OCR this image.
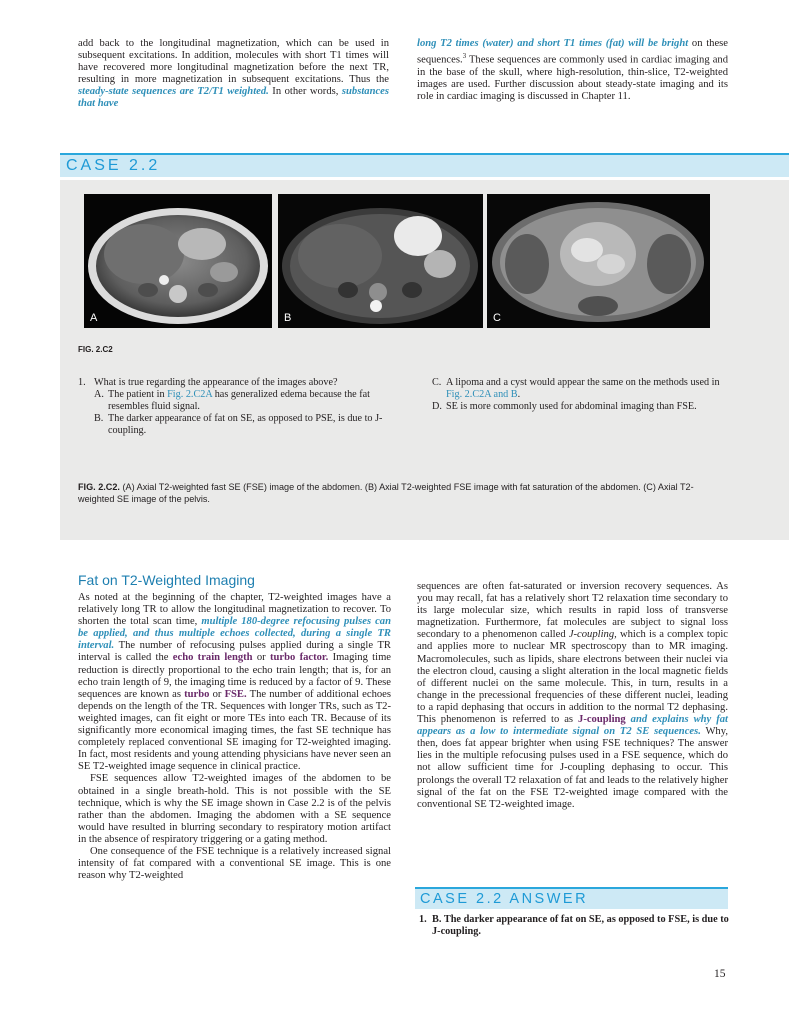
add back to the longitudinal magnetization, which can be used in subsequent excitations. In addition, molecules with short T1 times will have recovered more longitudinal magnetization before the next TR, resulting in more magnetization in subsequent excitations. Thus the steady-state sequences are T2/T1 weighted. In other words, substances that have

long T2 times (water) and short T1 times (fat) will be bright on these sequences.$^3$ These sequences are commonly used in cardiac imaging and in the base of the skull, where high-resolution, thin-slice, T2-weighted images are used. Further discussion about steady-state imaging and its role in cardiac imaging is discussed in Chapter 11.

CASE 2.2
A	B	C
FIG. 2.C2
1. What is true regarding the appearance of the images above?
A. The patient in Fig. 2.C2A has generalized edema because the fat resembles fluid signal.
B. The darker appearance of fat on SE, as opposed to PSE, is due to J-coupling.
C. A lipoma and a cyst would appear the same on the methods used in Fig. 2.C2A and B.
D. SE is more commonly used for abdominal imaging than FSE.
FIG. 2.C2. (A) Axial T2-weighted fast SE (FSE) image of the abdomen. (B) Axial T2-weighted FSE image with fat saturation of the abdomen. (C) Axial T2-weighted SE image of the pelvis.
Fat on T2-Weighted Imaging

As noted at the beginning of the chapter, T2-weighted images have a relatively long TR to allow the longitudinal magnetization to recover. To shorten the total scan time, multiple 180-degree refocusing pulses can be applied, and thus multiple echoes collected, during a single TR interval. The number of refocusing pulses applied during a single TR interval is called the echo train length or turbo factor. Imaging time reduction is directly proportional to the echo train length; that is, for an echo train length of 9, the imaging time is reduced by a factor of 9. These sequences are known as turbo or FSE. The number of additional echoes depends on the length of the TR. Sequences with longer TRs, such as T2-weighted images, can fit eight or more TEs into each TR. Because of its significantly more economical imaging times, the fast SE technique has completely replaced conventional SE imaging for T2-weighted imaging. In fact, most residents and young attending physicians have never seen an SE T2-weighted image sequence in clinical practice.

FSE sequences allow T2-weighted images of the abdomen to be obtained in a single breath-hold. This is not possible with the SE technique, which is why the SE image shown in Case 2.2 is of the pelvis rather than the abdomen. Imaging the abdomen with a SE sequence would have resulted in blurring secondary to respiratory motion artifact in the absence of respiratory triggering or a gating method.

One consequence of the FSE technique is a relatively increased signal intensity of fat compared with a conventional SE image. This is one reason why T2-weighted

sequences are often fat-saturated or inversion recovery sequences. As you may recall, fat has a relatively short T2 relaxation time secondary to its large molecular size, which results in rapid loss of transverse magnetization. Furthermore, fat molecules are subject to signal loss secondary to a phenomenon called J-coupling, which is a complex topic and applies more to nuclear MR spectroscopy than to MR imaging. Macromolecules, such as lipids, share electrons between their nuclei via the electron cloud, causing a slight alteration in the local magnetic fields of different nuclei on the same molecule. This, in turn, results in a change in the precessional frequencies of these different nuclei, leading to a rapid dephasing that occurs in addition to the normal T2 dephasing. This phenomenon is referred to as J-coupling and explains why fat appears as a low to intermediate signal on T2 SE sequences. Why, then, does fat appear brighter when using FSE techniques? The answer lies in the multiple refocusing pulses used in a FSE sequence, which do not allow sufficient time for J-coupling dephasing to occur. This prolongs the overall T2 relaxation of fat and leads to the relatively higher signal of the fat on the FSE T2-weighted image compared with the conventional SE T2-weighted image.

CASE 2.2 ANSWER
1. B. The darker appearance of fat on SE, as opposed to FSE, is due to J-coupling.
15
